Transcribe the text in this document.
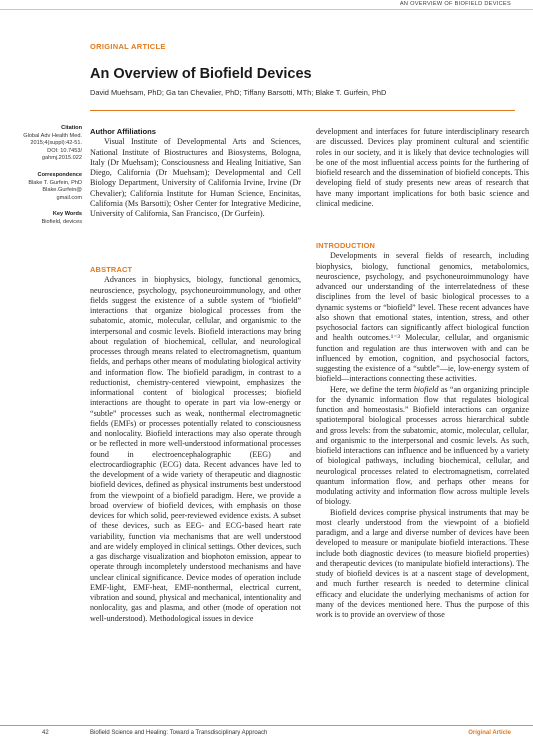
AN OVERVIEW OF BIOFIELD DEVICES
ORIGINAL ARTICLE
An Overview of Biofield Devices
David Muehsam, PhD; Ga tan Chevalier, PhD; Tiffany Barsotti, MTh; Blake T. Gurfein, PhD
Citation
Global Adv Health Med.
2015;4(suppl):42-51.
DOI: 10.7453/
gahmj.2015.022
Correspondence
Blake T. Gurfein, PhD
Blake.Gurfein@
gmail.com
Key Words
Biofield, devices
Author Affiliations

Visual Institute of Developmental Arts and Sciences, National Institute of Biostructures and Biosystems, Bologna, Italy (Dr Muehsam); Consciousness and Healing Initiative, San Diego, California (Dr Muehsam); Developmental and Cell Biology Department, University of California Irvine, Irvine (Dr Chevalier); California Institute for Human Science, Encinitas, California (Ms Barsotti); Osher Center for Integrative Medicine, University of California, San Francisco, (Dr Gurfein).

ABSTRACT

Advances in biophysics, biology, functional genomics, neuroscience, psychology, psychoneuroimmunology, and other fields suggest the existence of a subtle system of “biofield” interactions that organize biological processes from the subatomic, atomic, molecular, cellular, and organismic to the interpersonal and cosmic levels. Biofield interactions may bring about regulation of biochemical, cellular, and neurological processes through means related to electromagnetism, quantum fields, and perhaps other means of modulating biological activity and information flow. The biofield paradigm, in contrast to a reductionist, chemistry-centered viewpoint, emphasizes the informational content of biological processes; biofield interactions are thought to operate in part via low-energy or “subtle” processes such as weak, nonthermal electromagnetic fields (EMFs) or processes potentially related to consciousness and nonlocality. Biofield interactions may also operate through or be reflected in more well-understood informational processes found in electroencephalographic (EEG) and electrocardiographic (ECG) data. Recent advances have led to the development of a wide variety of therapeutic and diagnostic biofield devices, defined as physical instruments best understood from the viewpoint of a biofield paradigm. Here, we provide a broad overview of biofield devices, with emphasis on those devices for which solid, peer-reviewed evidence exists. A subset of these devices, such as EEG- and ECG-based heart rate variability, function via mechanisms that are well understood and are widely employed in clinical settings. Other devices, such a gas discharge visualization and biophoton emission, appear to operate through incompletely understood mechanisms and have unclear clinical significance. Device modes of operation include EMF-light, EMF-heat, EMF-nonthermal, electrical current, vibration and sound, physical and mechanical, intentionality and nonlocality, gas and plasma, and other (mode of operation not well-understood). Methodological issues in device

development and interfaces for future interdisciplinary research are discussed. Devices play prominent cultural and scientific roles in our society, and it is likely that device technologies will be one of the most influential access points for the furthering of biofield research and the dissemination of biofield concepts. This developing field of study presents new areas of research that have many important implications for both basic science and clinical medicine.

INTRODUCTION

Developments in several fields of research, including biophysics, biology, functional genomics, metabolomics, neuroscience, psychology, and psychoneuroimmunology have advanced our understanding of the interrelatedness of these disciplines from the level of basic biological processes to a dynamic systems or “biofield” level. These recent advances have also shown that emotional states, intention, stress, and other psychosocial factors can significantly affect biological function and health outcomes.¹⁻³ Molecular, cellular, and organismic function and regulation are thus interwoven with and can be influenced by emotion, cognition, and psychosocial factors, suggesting the existence of a “subtle”—ie, low-energy system of biofield—interactions connecting these activities.

Here, we define the term biofield as “an organizing principle for the dynamic information flow that regulates biological function and homeostasis.” Biofield interactions can organize spatiotemporal biological processes across hierarchical subtle and gross levels: from the subatomic, atomic, molecular, cellular, and organismic to the interpersonal and cosmic levels. As such, biofield interactions can influence and be influenced by a variety of biological pathways, including biochemical, cellular, and neurological processes related to electromagnetism, correlated quantum information flow, and perhaps other means for modulating activity and information flow across multiple levels of biology.

Biofield devices comprise physical instruments that may be most clearly understood from the viewpoint of a biofield paradigm, and a large and diverse number of devices have been developed to measure or manipulate biofield interactions. These include both diagnostic devices (to measure biofield properties) and therapeutic devices (to manipulate biofield interactions). The study of biofield devices is at a nascent stage of development, and much further research is needed to determine clinical efficacy and elucidate the underlying mechanisms of action for many of the devices mentioned here. Thus the purpose of this work is to provide an overview of those

42	Biofield Science and Healing: Toward a Transdisciplinary Approach	Original Article
